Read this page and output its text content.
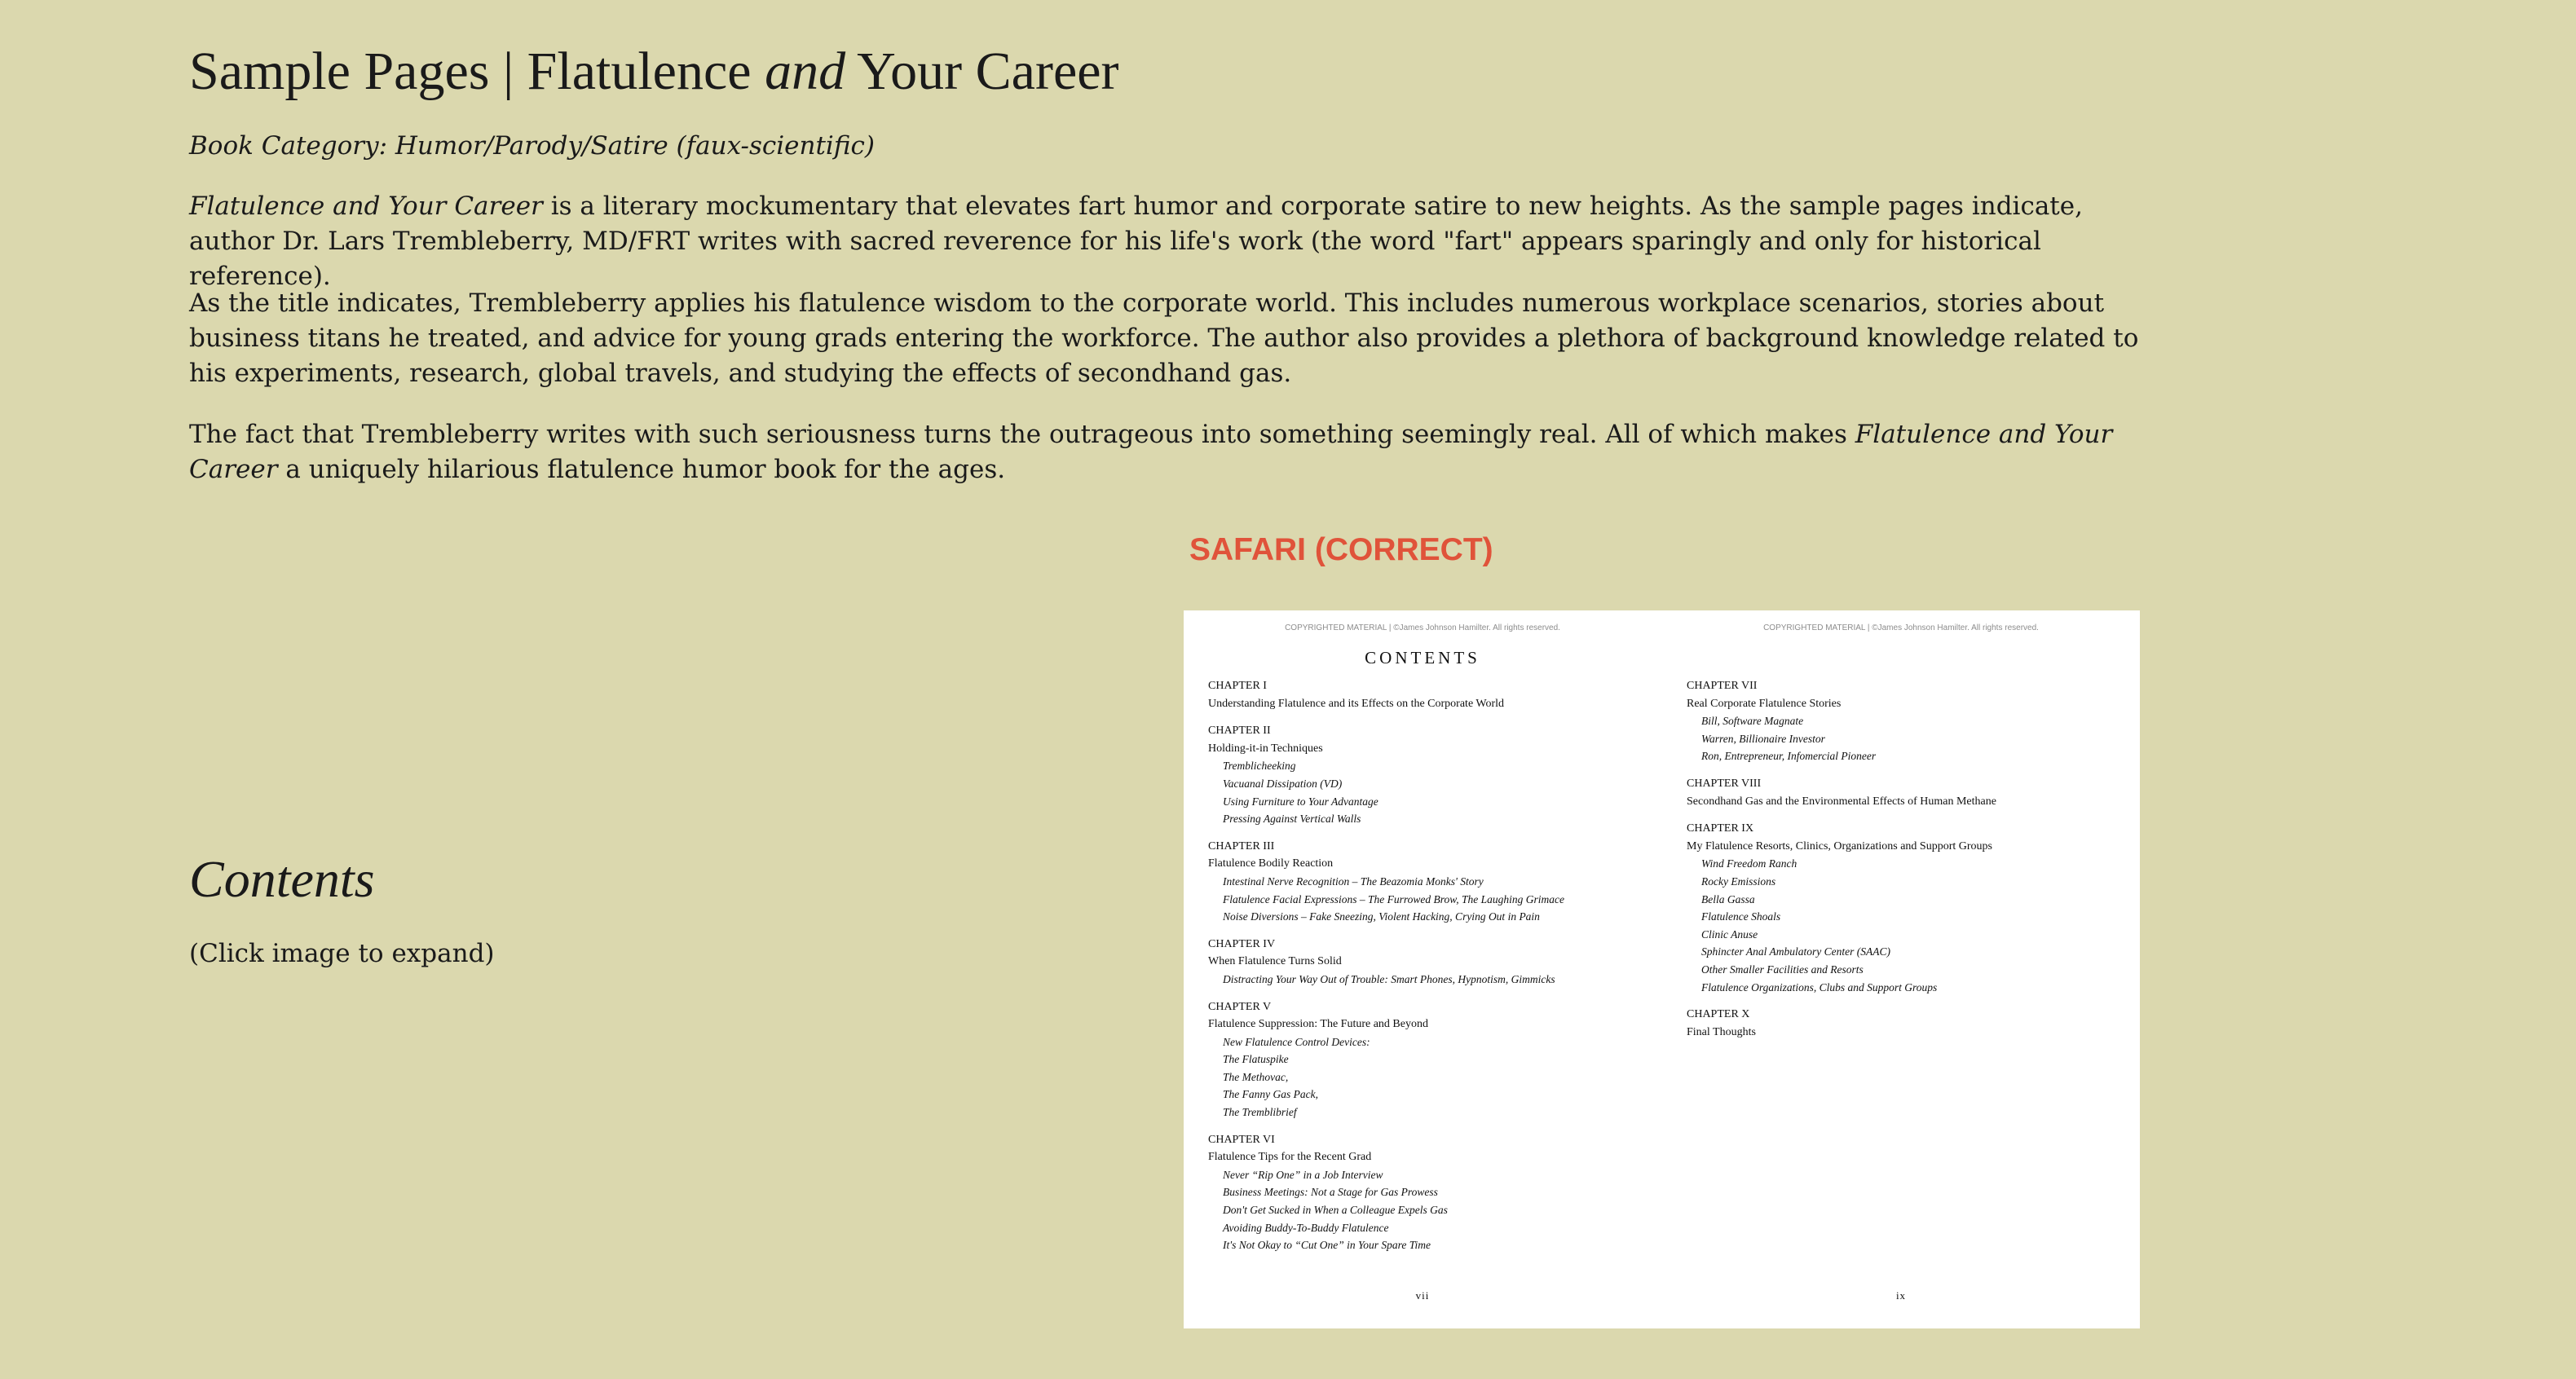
Sample Pages | Flatulence and Your Career

Book Category: Humor/Parody/Satire (faux-scientific)

Flatulence and Your Career is a literary mockumentary that elevates fart humor and corporate satire to new heights. As the sample pages indicate, author Dr. Lars Trembleberry, MD/FRT writes with sacred reverence for his life's work (the word "fart" appears sparingly and only for historical reference).

As the title indicates, Trembleberry applies his flatulence wisdom to the corporate world. This includes numerous workplace scenarios, stories about business titans he treated, and advice for young grads entering the workforce. The author also provides a plethora of background knowledge related to his experiments, research, global travels, and studying the effects of secondhand gas.

The fact that Trembleberry writes with such seriousness turns the outrageous into something seemingly real. All of which makes Flatulence and Your Career a uniquely hilarious flatulence humor book for the ages.

SAFARI (CORRECT)

Contents

(Click image to expand)

COPYRIGHTED MATERIAL | ©James Johnson Hamilter. All rights reserved.
CONTENTS
CHAPTER I
Understanding Flatulence and its Effects on the Corporate World
CHAPTER II
Holding-it-in Techniques
Tremblicheeking
Vacuanal Dissipation (VD)
Using Furniture to Your Advantage
Pressing Against Vertical Walls
CHAPTER III
Flatulence Bodily Reaction
Intestinal Nerve Recognition – The Beazomia Monks' Story
Flatulence Facial Expressions – The Furrowed Brow, The Laughing Grimace
Noise Diversions – Fake Sneezing, Violent Hacking, Crying Out in Pain
CHAPTER IV
When Flatulence Turns Solid
Distracting Your Way Out of Trouble: Smart Phones, Hypnotism, Gimmicks
CHAPTER V
Flatulence Suppression: The Future and Beyond
New Flatulence Control Devices:
The Flatuspike
The Methovac,
The Fanny Gas Pack,
The Tremblibrief
CHAPTER VI
Flatulence Tips for the Recent Grad
Never “Rip One” in a Job Interview
Business Meetings: Not a Stage for Gas Prowess
Don't Get Sucked in When a Colleague Expels Gas
Avoiding Buddy-To-Buddy Flatulence
It's Not Okay to “Cut One” in Your Spare Time
vii
COPYRIGHTED MATERIAL | ©James Johnson Hamilter. All rights reserved.
CHAPTER VII
Real Corporate Flatulence Stories
Bill, Software Magnate
Warren, Billionaire Investor
Ron, Entrepreneur, Infomercial Pioneer
CHAPTER VIII
Secondhand Gas and the Environmental Effects of Human Methane
CHAPTER IX
My Flatulence Resorts, Clinics, Organizations and Support Groups
Wind Freedom Ranch
Rocky Emissions
Bella Gassa
Flatulence Shoals
Clinic Anuse
Sphincter Anal Ambulatory Center (SAAC)
Other Smaller Facilities and Resorts
Flatulence Organizations, Clubs and Support Groups
CHAPTER X
Final Thoughts
ix
